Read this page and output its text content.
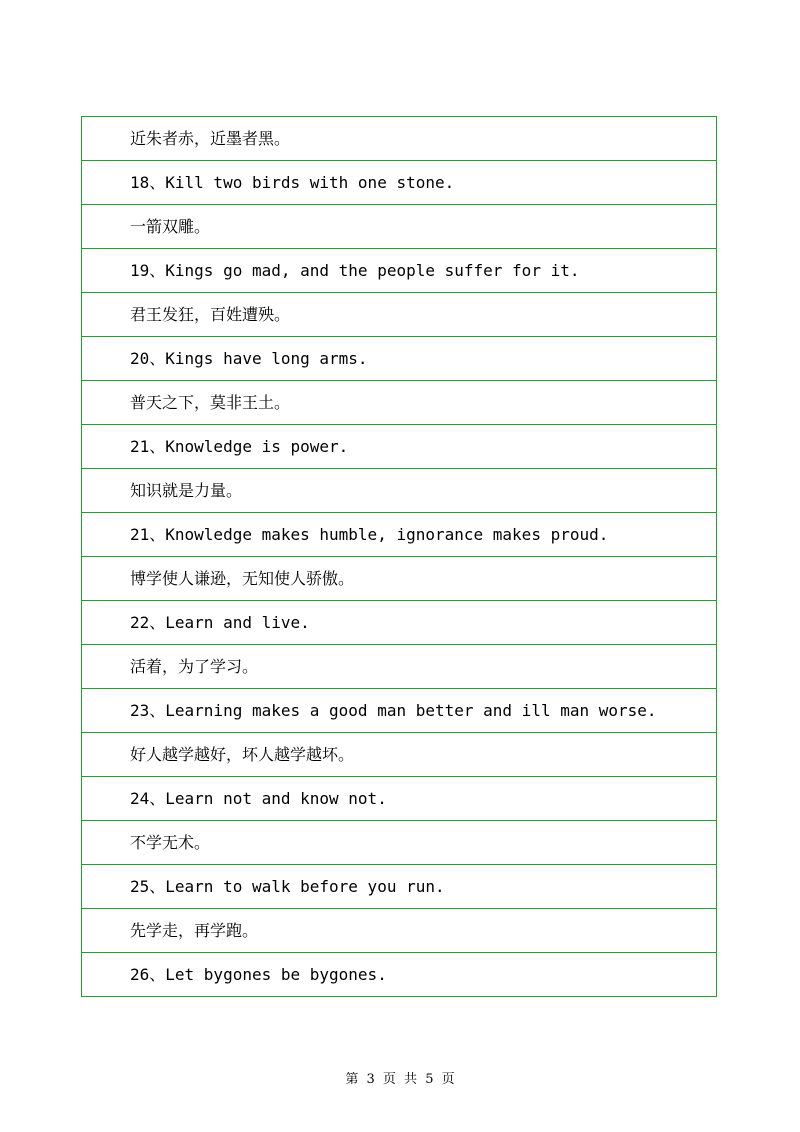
近朱者赤，近墨者黑。
18、Kill two birds with one stone.
一箭双雕。
19、Kings go mad, and the people suffer for it.
君王发狂，百姓遭殃。
20、Kings have long arms.
普天之下，莫非王土。
21、Knowledge is power.
知识就是力量。
21、Knowledge makes humble, ignorance makes proud.
博学使人谦逊，无知使人骄傲。
22、Learn and live.
活着，为了学习。
23、Learning makes a good man better and ill man worse.
好人越学越好，坏人越学越坏。
24、Learn not and know not.
不学无术。
25、Learn to walk before you run.
先学走，再学跑。
26、Let bygones be bygones.
第 3 页 共 5 页
